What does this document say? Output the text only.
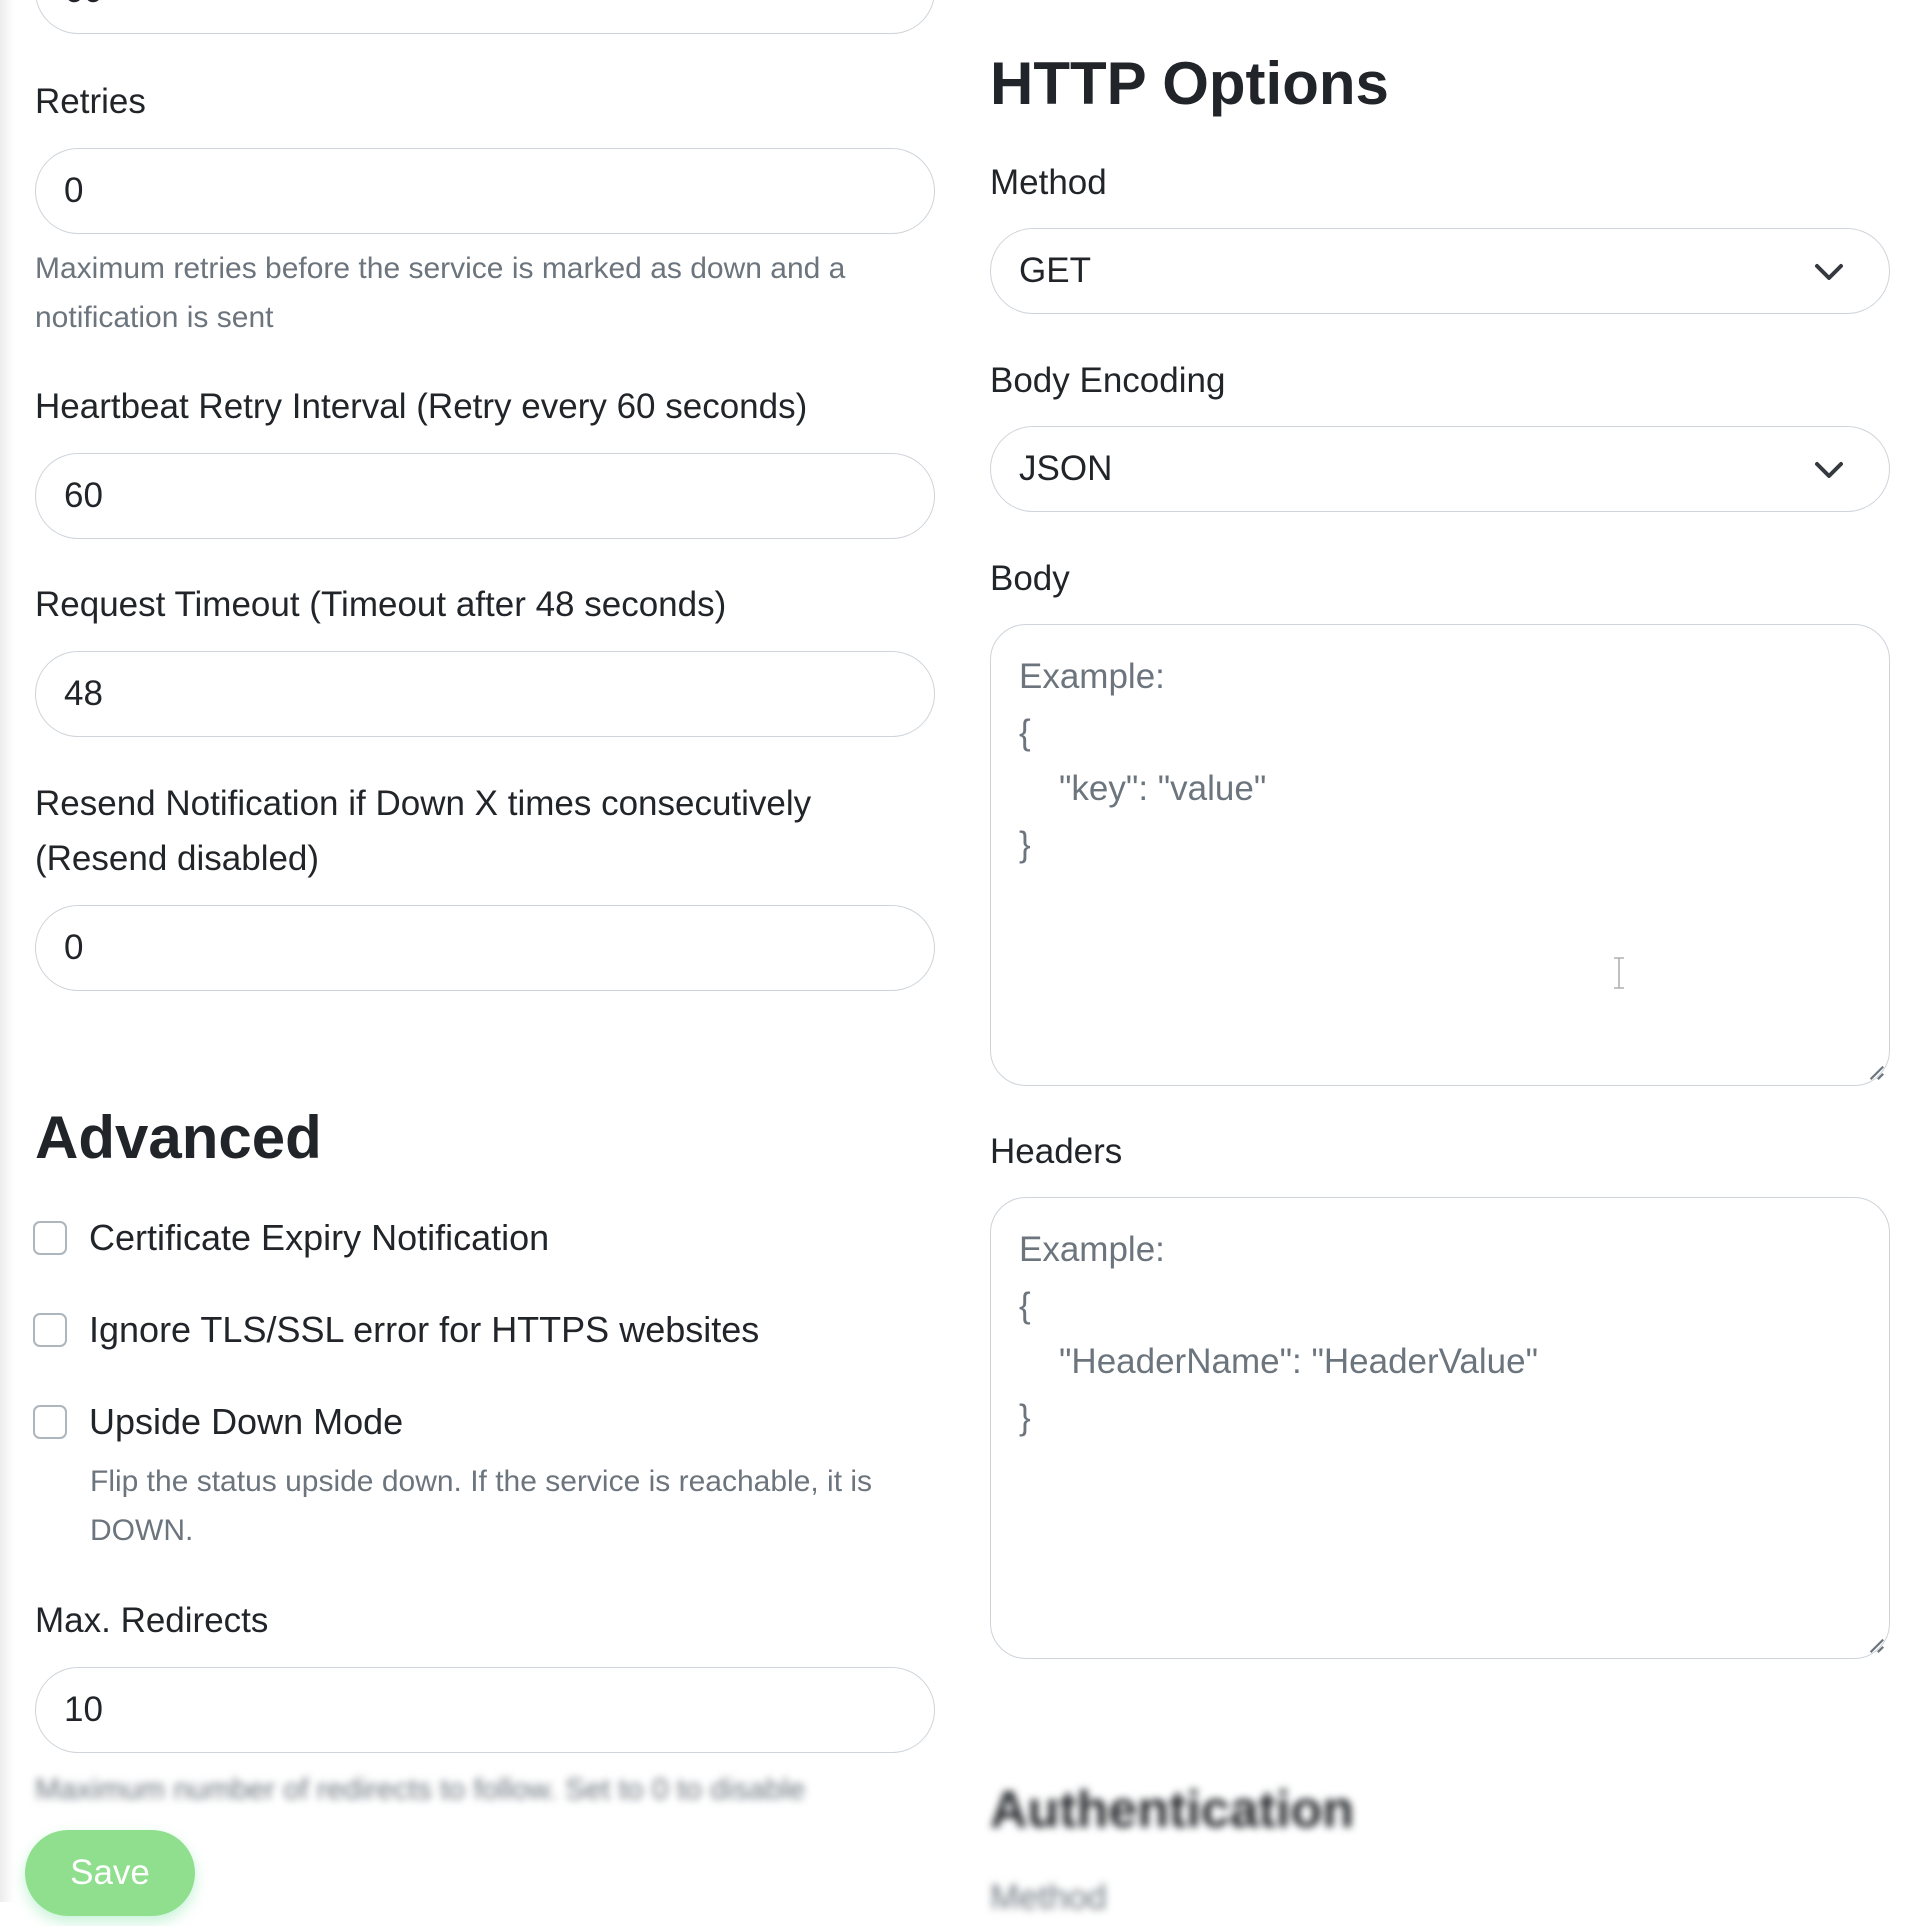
60
Retries
0
Maximum retries before the service is marked as down and a notification is sent
Heartbeat Retry Interval (Retry every 60 seconds)
60
Request Timeout (Timeout after 48 seconds)
48
Resend Notification if Down X times consecutively
(Resend disabled)
0
Advanced
Certificate Expiry Notification
Ignore TLS/SSL error for HTTPS websites
Upside Down Mode
Flip the status upside down. If the service is reachable, it is DOWN.
Max. Redirects
10
Maximum number of redirects to follow. Set to 0 to disable
HTTP Options
Method
GET
Body Encoding
JSON
Body
Example:
{
"key": "value"
}
Headers
Example:
{
"HeaderName": "HeaderValue"
}
Authentication
Method
Save
